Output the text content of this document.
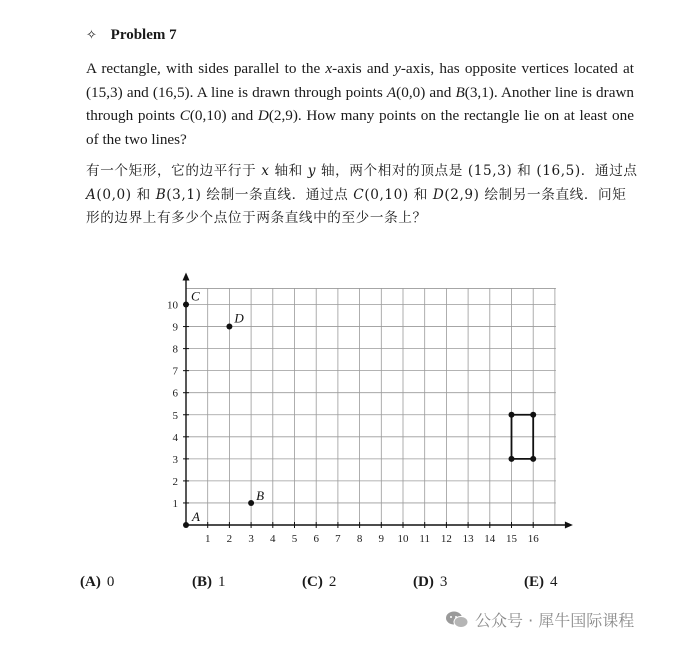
✧ Problem 7
A rectangle, with sides parallel to the x-axis and y-axis, has opposite vertices located at (15,3) and (16,5). A line is drawn through points A(0,0) and B(3,1). Another line is drawn through points C(0,10) and D(2,9). How many points on the rectangle lie on at least one of the two lines?
有一个矩形，它的边平行于 x 轴和 y 轴，两个相对的顶点是 (15,3) 和 (16,5)．通过点 A(0,0) 和 B(3,1) 绘制一条直线．通过点 C(0,10) 和 D(2,9) 绘制另一条直线．问矩形的边界上有多少个点位于两条直线中的至少一条上？
1 2 3 4 5 6 7 8 9 10 11 12 13 14 15 16
1
2
3
4
5
6
7
8
9
10
A
B
C
D
(A) 0	(B) 1	(C) 2	(D) 3	(E) 4
公众号 · 犀牛国际课程
